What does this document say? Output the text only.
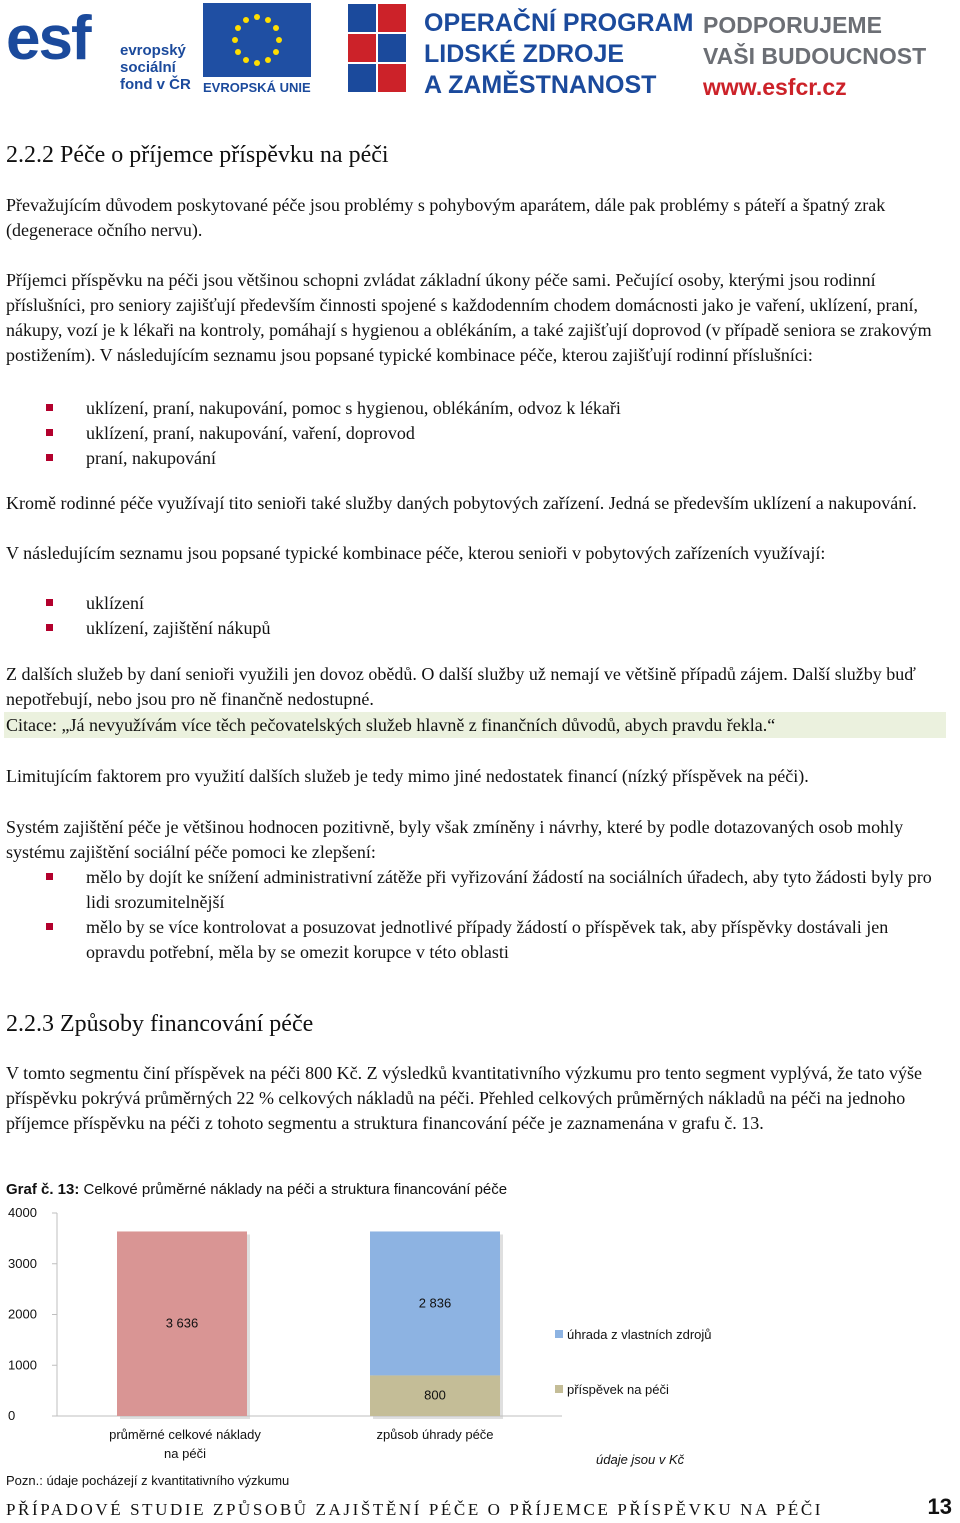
esf evropský
sociální
fond v ČR EVROPSKÁ UNIE
OPERAČNÍ PROGRAM
LIDSKÉ ZDROJE
A ZAMĚSTNANOST
PODPORUJEME
VAŠI BUDOUCNOST
www.esfcr.cz
2.2.2 Péče o příjemce příspěvku na péči

Převažujícím důvodem poskytované péče jsou problémy s pohybovým aparátem, dále pak problémy s páteří a špatný zrak (degenerace očního nervu).

Příjemci příspěvku na péči jsou většinou schopni zvládat základní úkony péče sami. Pečující osoby, kterými jsou rodinní příslušníci, pro seniory zajišťují především činnosti spojené s každodenním chodem domácnosti jako je vaření, uklízení, praní, nákupy, vozí je k lékaři na kontroly, pomáhají s hygienou a oblékáním, a také zajišťují doprovod (v případě seniora se zrakovým postižením). V následujícím seznamu jsou popsané typické kombinace péče, kterou zajišťují rodinní příslušníci:

uklízení, praní, nakupování, pomoc s hygienou, oblékáním, odvoz k lékaři
uklízení, praní, nakupování, vaření, doprovod
praní, nakupování

Kromě rodinné péče využívají tito senioři také služby daných pobytových zařízení. Jedná se především uklízení a nakupování.

V následujícím seznamu jsou popsané typické kombinace péče, kterou senioři v pobytových zařízeních využívají:

uklízení
uklízení, zajištění nákupů

Z dalších služeb by daní senioři využili jen dovoz obědů. O další služby už nemají ve většině případů zájem. Další služby buď nepotřebují, nebo jsou pro ně finančně nedostupné.

Citace: „Já nevyužívám více těch pečovatelských služeb hlavně z finančních důvodů, abych pravdu řekla.“

Limitujícím faktorem pro využití dalších služeb je tedy mimo jiné nedostatek financí (nízký příspěvek na péči).

Systém zajištění péče je většinou hodnocen pozitivně, byly však zmíněny i návrhy, které by podle dotazovaných osob mohly systému zajištění sociální péče pomoci ke zlepšení:

mělo by dojít ke snížení administrativní zátěže při vyřizování žádostí na sociálních úřadech, aby tyto žádosti byly pro lidi srozumitelnější
mělo by se více kontrolovat a posuzovat jednotlivé případy žádostí o příspěvek tak, aby příspěvky dostávali jen opravdu potřební, měla by se omezit korupce v této oblasti
2.2.3 Způsoby financování péče

V tomto segmentu činí příspěvek na péči 800 Kč. Z výsledků kvantitativního výzkumu pro tento segment vyplývá, že tato výše příspěvku pokrývá průměrných 22 % celkových nákladů na péči. Přehled celkových průměrných nákladů na péči na jednoho příjemce příspěvku na péči z tohoto segmentu a struktura financování péče je zaznamenána v grafu č. 13.

Graf č. 13: Celkové průměrné náklady na péči a struktura financování péče
0
1000
2000
3000
4000
3 636
800
2 836
průměrné celkové náklady
na péči
způsob úhrady péče
úhrada z vlastních zdrojů
příspěvek na péči
údaje jsou v Kč
Pozn.: údaje pocházejí z kvantitativního výzkumu
PŘÍPADOVÉ STUDIE ZPŮSOBŮ ZAJIŠTĚNÍ PÉČE O PŘÍJEMCE PŘÍSPĚVKU NA PÉČI	13
